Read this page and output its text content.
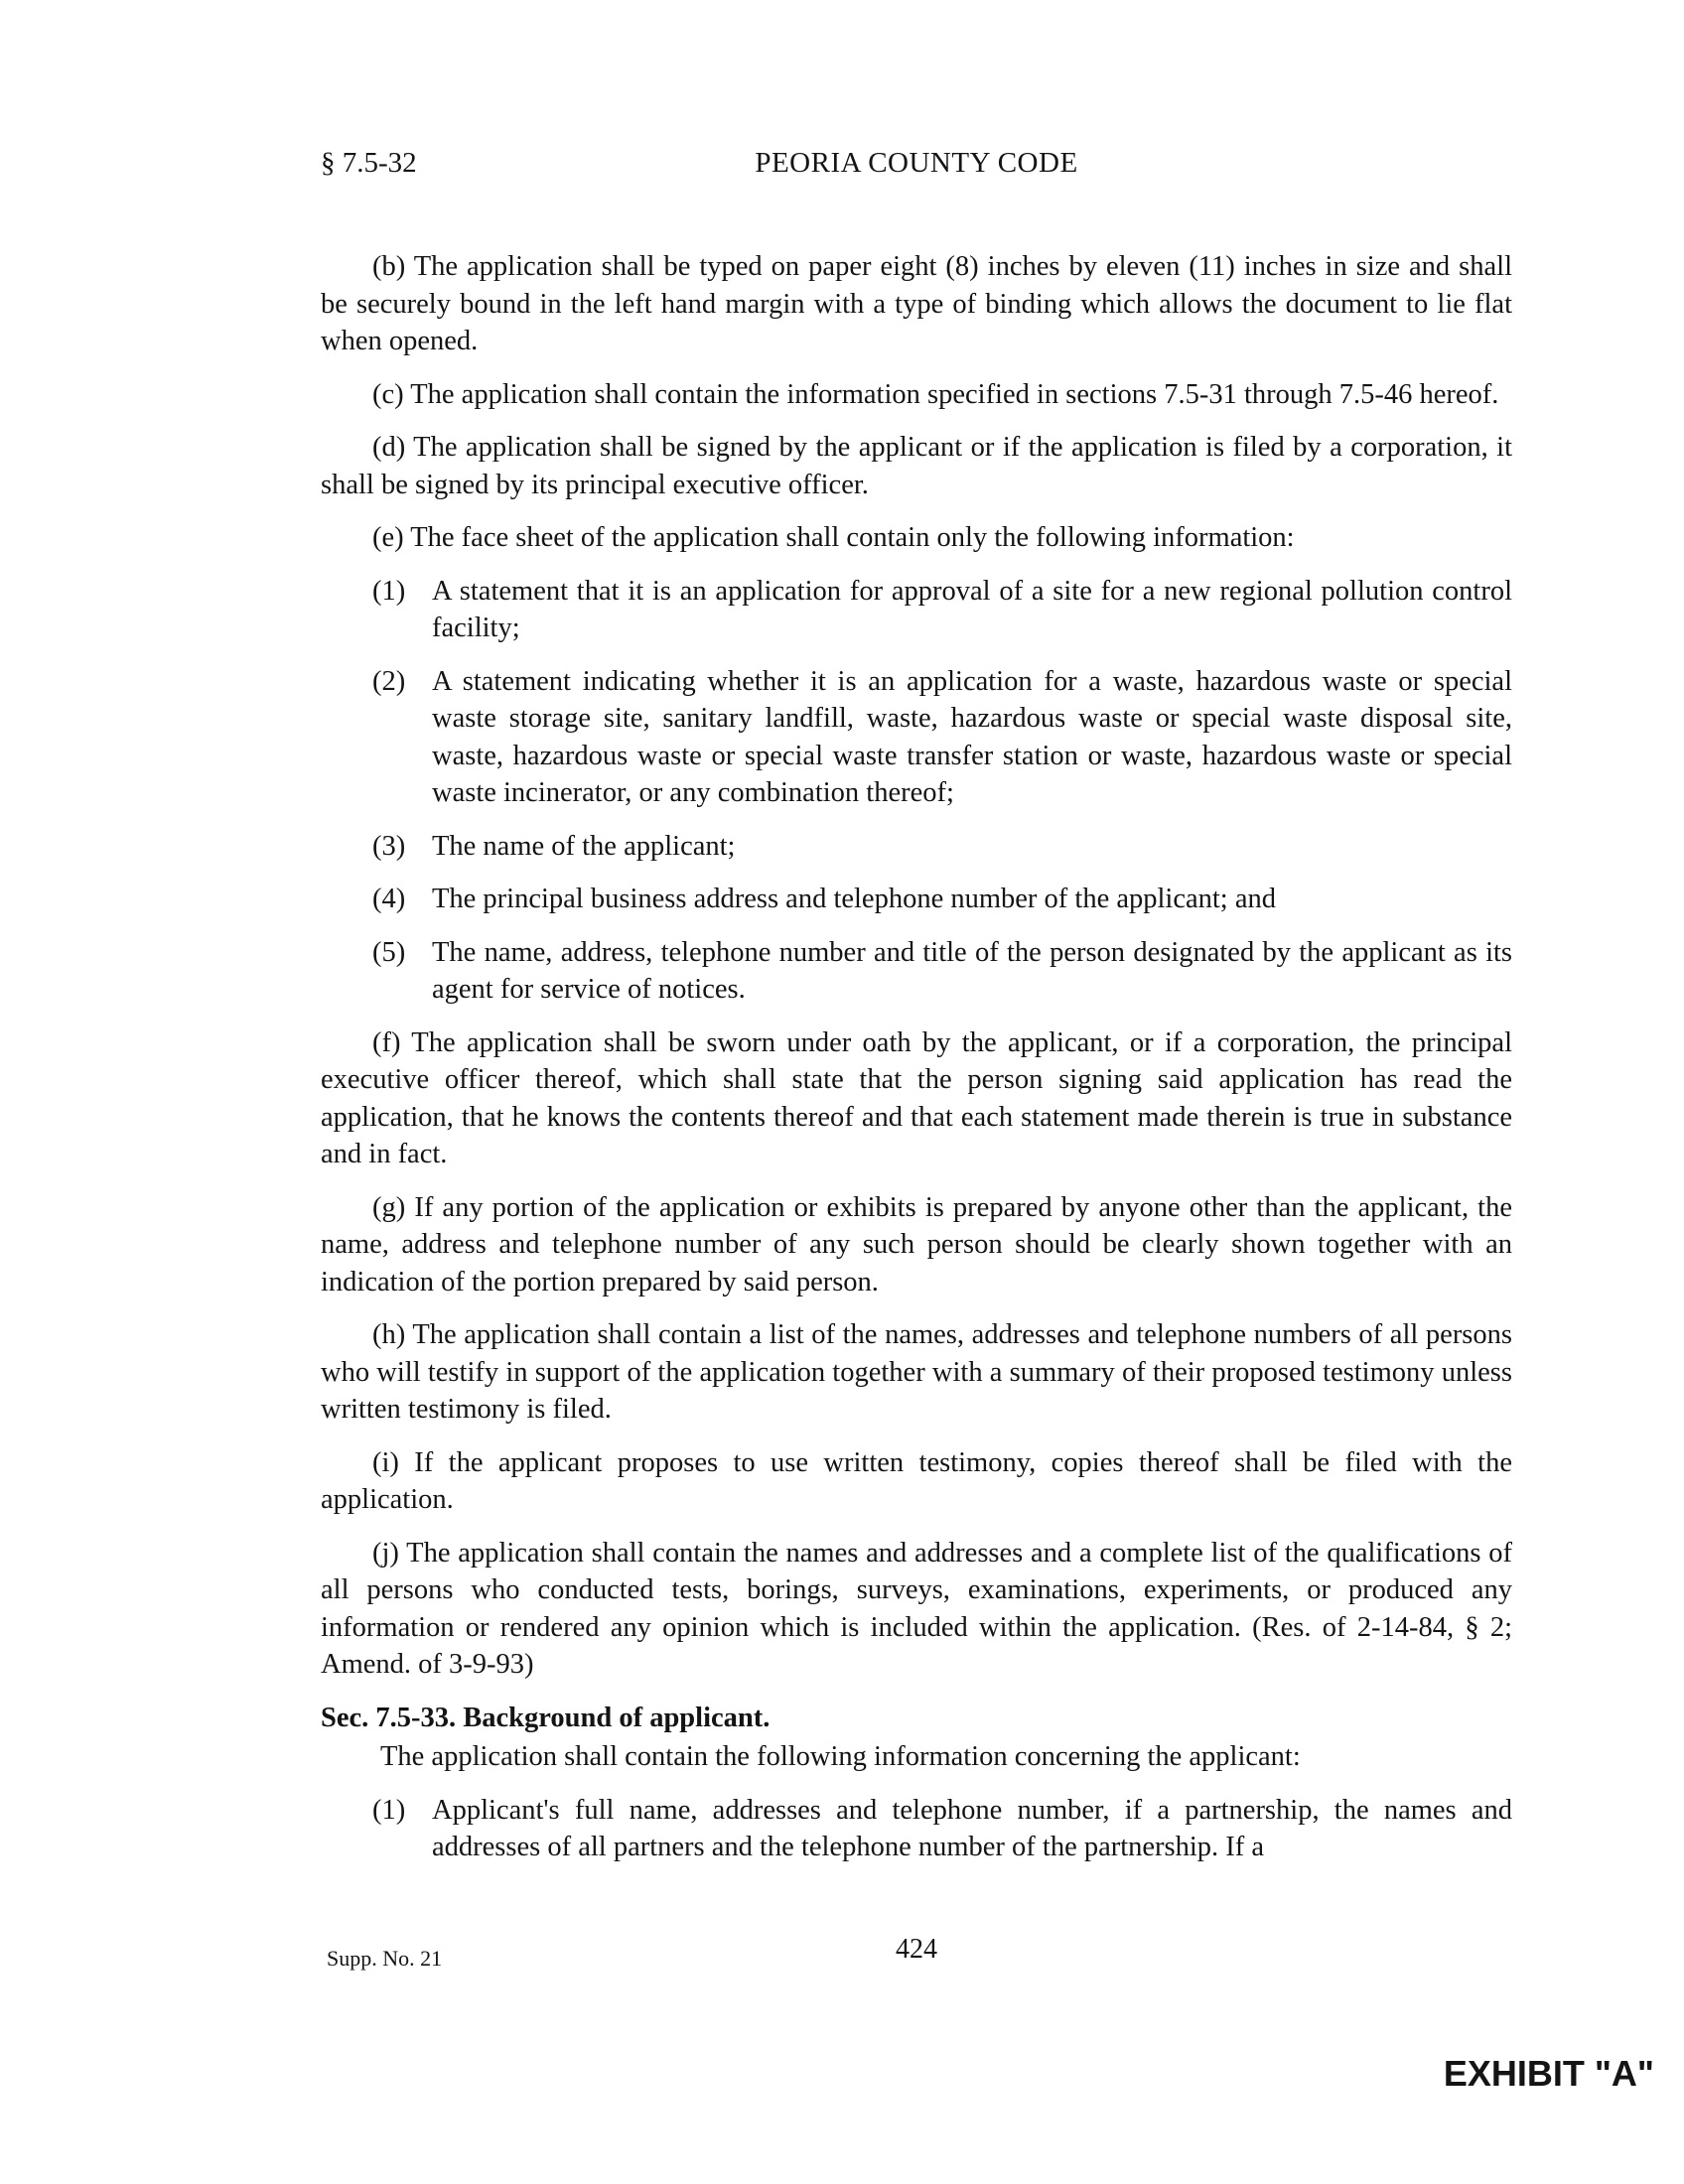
§ 7.5-32	PEORIA COUNTY CODE

(b) The application shall be typed on paper eight (8) inches by eleven (11) inches in size and shall be securely bound in the left hand margin with a type of binding which allows the document to lie flat when opened.

(c) The application shall contain the information specified in sections 7.5-31 through 7.5-46 hereof.

(d) The application shall be signed by the applicant or if the application is filed by a corporation, it shall be signed by its principal executive officer.

(e) The face sheet of the application shall contain only the following information:

(1) A statement that it is an application for approval of a site for a new regional pollution control facility;
(2) A statement indicating whether it is an application for a waste, hazardous waste or special waste storage site, sanitary landfill, waste, hazardous waste or special waste disposal site, waste, hazardous waste or special waste transfer station or waste, hazardous waste or special waste incinerator, or any combination thereof;
(3) The name of the applicant;
(4) The principal business address and telephone number of the applicant; and
(5) The name, address, telephone number and title of the person designated by the applicant as its agent for service of notices.

(f) The application shall be sworn under oath by the applicant, or if a corporation, the principal executive officer thereof, which shall state that the person signing said application has read the application, that he knows the contents thereof and that each statement made therein is true in substance and in fact.

(g) If any portion of the application or exhibits is prepared by anyone other than the applicant, the name, address and telephone number of any such person should be clearly shown together with an indication of the portion prepared by said person.

(h) The application shall contain a list of the names, addresses and telephone numbers of all persons who will testify in support of the application together with a summary of their proposed testimony unless written testimony is filed.

(i) If the applicant proposes to use written testimony, copies thereof shall be filed with the application.

(j) The application shall contain the names and addresses and a complete list of the qualifications of all persons who conducted tests, borings, surveys, examinations, experiments, or produced any information or rendered any opinion which is included within the application. (Res. of 2-14-84, § 2; Amend. of 3-9-93)

Sec. 7.5-33. Background of applicant.

The application shall contain the following information concerning the applicant:

(1) Applicant's full name, addresses and telephone number, if a partnership, the names and addresses of all partners and the telephone number of the partnership. If a
Supp. No. 21	424
EXHIBIT "A"
